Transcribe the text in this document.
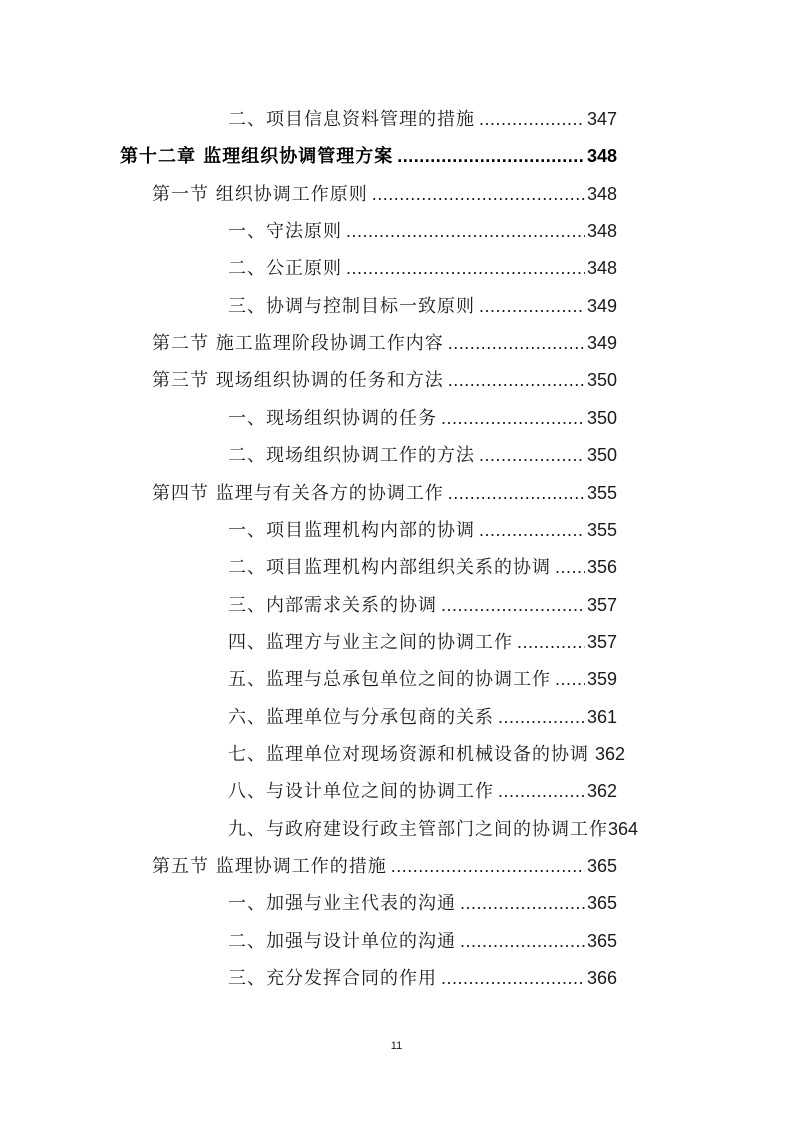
二、项目信息资料管理的措施 .....	347
第十二章 监理组织协调管理方案 .....	348
第一节 组织协调工作原则 .....	348
一、守法原则 .....	348
二、公正原则 .....	348
三、协调与控制目标一致原则 .....	349
第二节 施工监理阶段协调工作内容 .....	349
第三节 现场组织协调的任务和方法 .....	350
一、现场组织协调的任务 .....	350
二、现场组织协调工作的方法 .....	350
第四节 监理与有关各方的协调工作 .....	355
一、项目监理机构内部的协调 .....	355
二、项目监理机构内部组织关系的协调 ..... 356
三、内部需求关系的协调 .....	357
四、监理方与业主之间的协调工作 .....	357
五、监理与总承包单位之间的协调工作 ..... 359
六、监理单位与分承包商的关系 .....	361
七、监理单位对现场资源和机械设备的协调 362
八、与设计单位之间的协调工作 .....	362
九、与政府建设行政主管部门之间的协调工作 364
第五节 监理协调工作的措施 .....	365
一、加强与业主代表的沟通 .....	365
二、加强与设计单位的沟通 .....	365
三、充分发挥合同的作用 .....	366
11
